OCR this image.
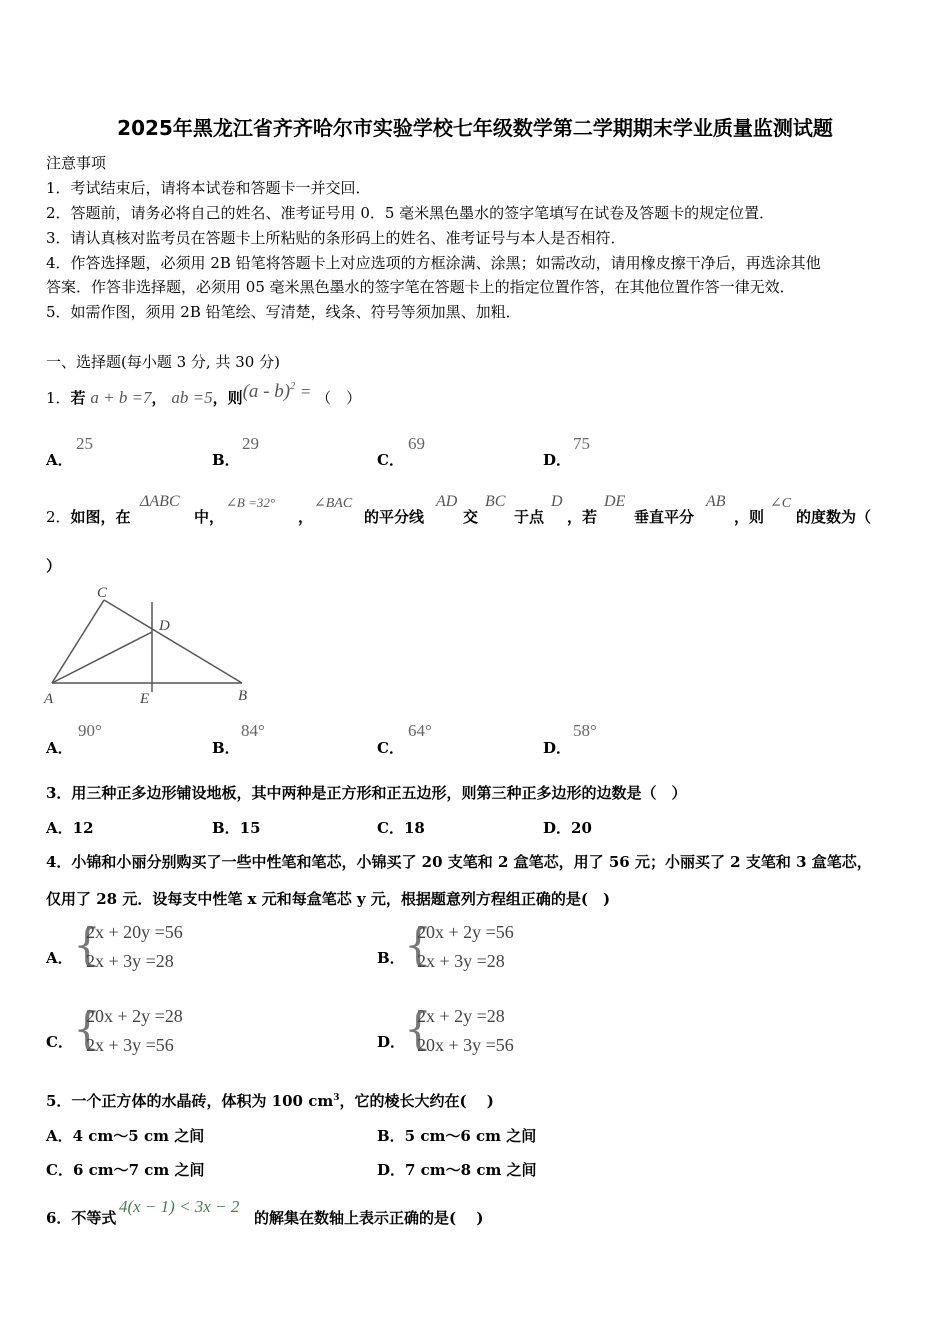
2025年黑龙江省齐齐哈尔市实验学校七年级数学第二学期期末学业质量监测试题
注意事项
1．考试结束后，请将本试卷和答题卡一并交回．
2．答题前，请务必将自己的姓名、准考证号用 0．5 毫米黑色墨水的签字笔填写在试卷及答题卡的规定位置．
3．请认真核对监考员在答题卡上所粘贴的条形码上的姓名、准考证号与本人是否相符．
4．作答选择题，必须用 2B 铅笔将答题卡上对应选项的方框涂满、涂黑；如需改动，请用橡皮擦干净后，再选涂其他
答案．作答非选择题，必须用 05 毫米黑色墨水的签字笔在答题卡上的指定位置作答，在其他位置作答一律无效．
5．如需作图，须用 2B 铅笔绘、写清楚，线条、符号等须加黑、加粗．
一、选择题(每小题 3 分, 共 30 分)
1．若 a + b =7， ab =5，则(a - b)$^2$ = （　）
A．
25
B．
29
C．
69
D．
75
2．如图，在
ΔABC
中，
∠B =32°
，
∠BAC
的平分线
AD
交
BC
于点
D
，若
DE
垂直平分
AB
，则
∠C
的度数为（
）
C
D
A	E	B
A．
90°
B．
84°
C．
64°
D．
58°
3．用三种正多边形铺设地板，其中两种是正方形和正五边形，则第三种正多边形的边数是（　）
A．12	B．15	C．18	D．20
4．小锦和小丽分别购买了一些中性笔和笔芯，小锦买了 20 支笔和 2 盒笔芯，用了 56 元；小丽买了 2 支笔和 3 盒笔芯，
仅用了 28 元．设每支中性笔 x 元和每盒笔芯 y 元，根据题意列方程组正确的是(　)
A． {
2x + 20y =56
2x + 3y =28	B． {
20x + 2y =56
2x + 3y =28
C． {
20x + 2y =28
2x + 3y =56	D．
{
2x + 2y =28
20x + 3y =56
5．一个正方体的水晶砖，体积为 100 $cm^3$，它的棱长大约在(　 )
A．4 cm～5 cm 之间	B．5 cm～6 cm 之间
C．6 cm～7 cm 之间	D．7 cm～8 cm 之间
6．不等式
4(x − 1) < 3x − 2
的解集在数轴上表示正确的是(　 )
